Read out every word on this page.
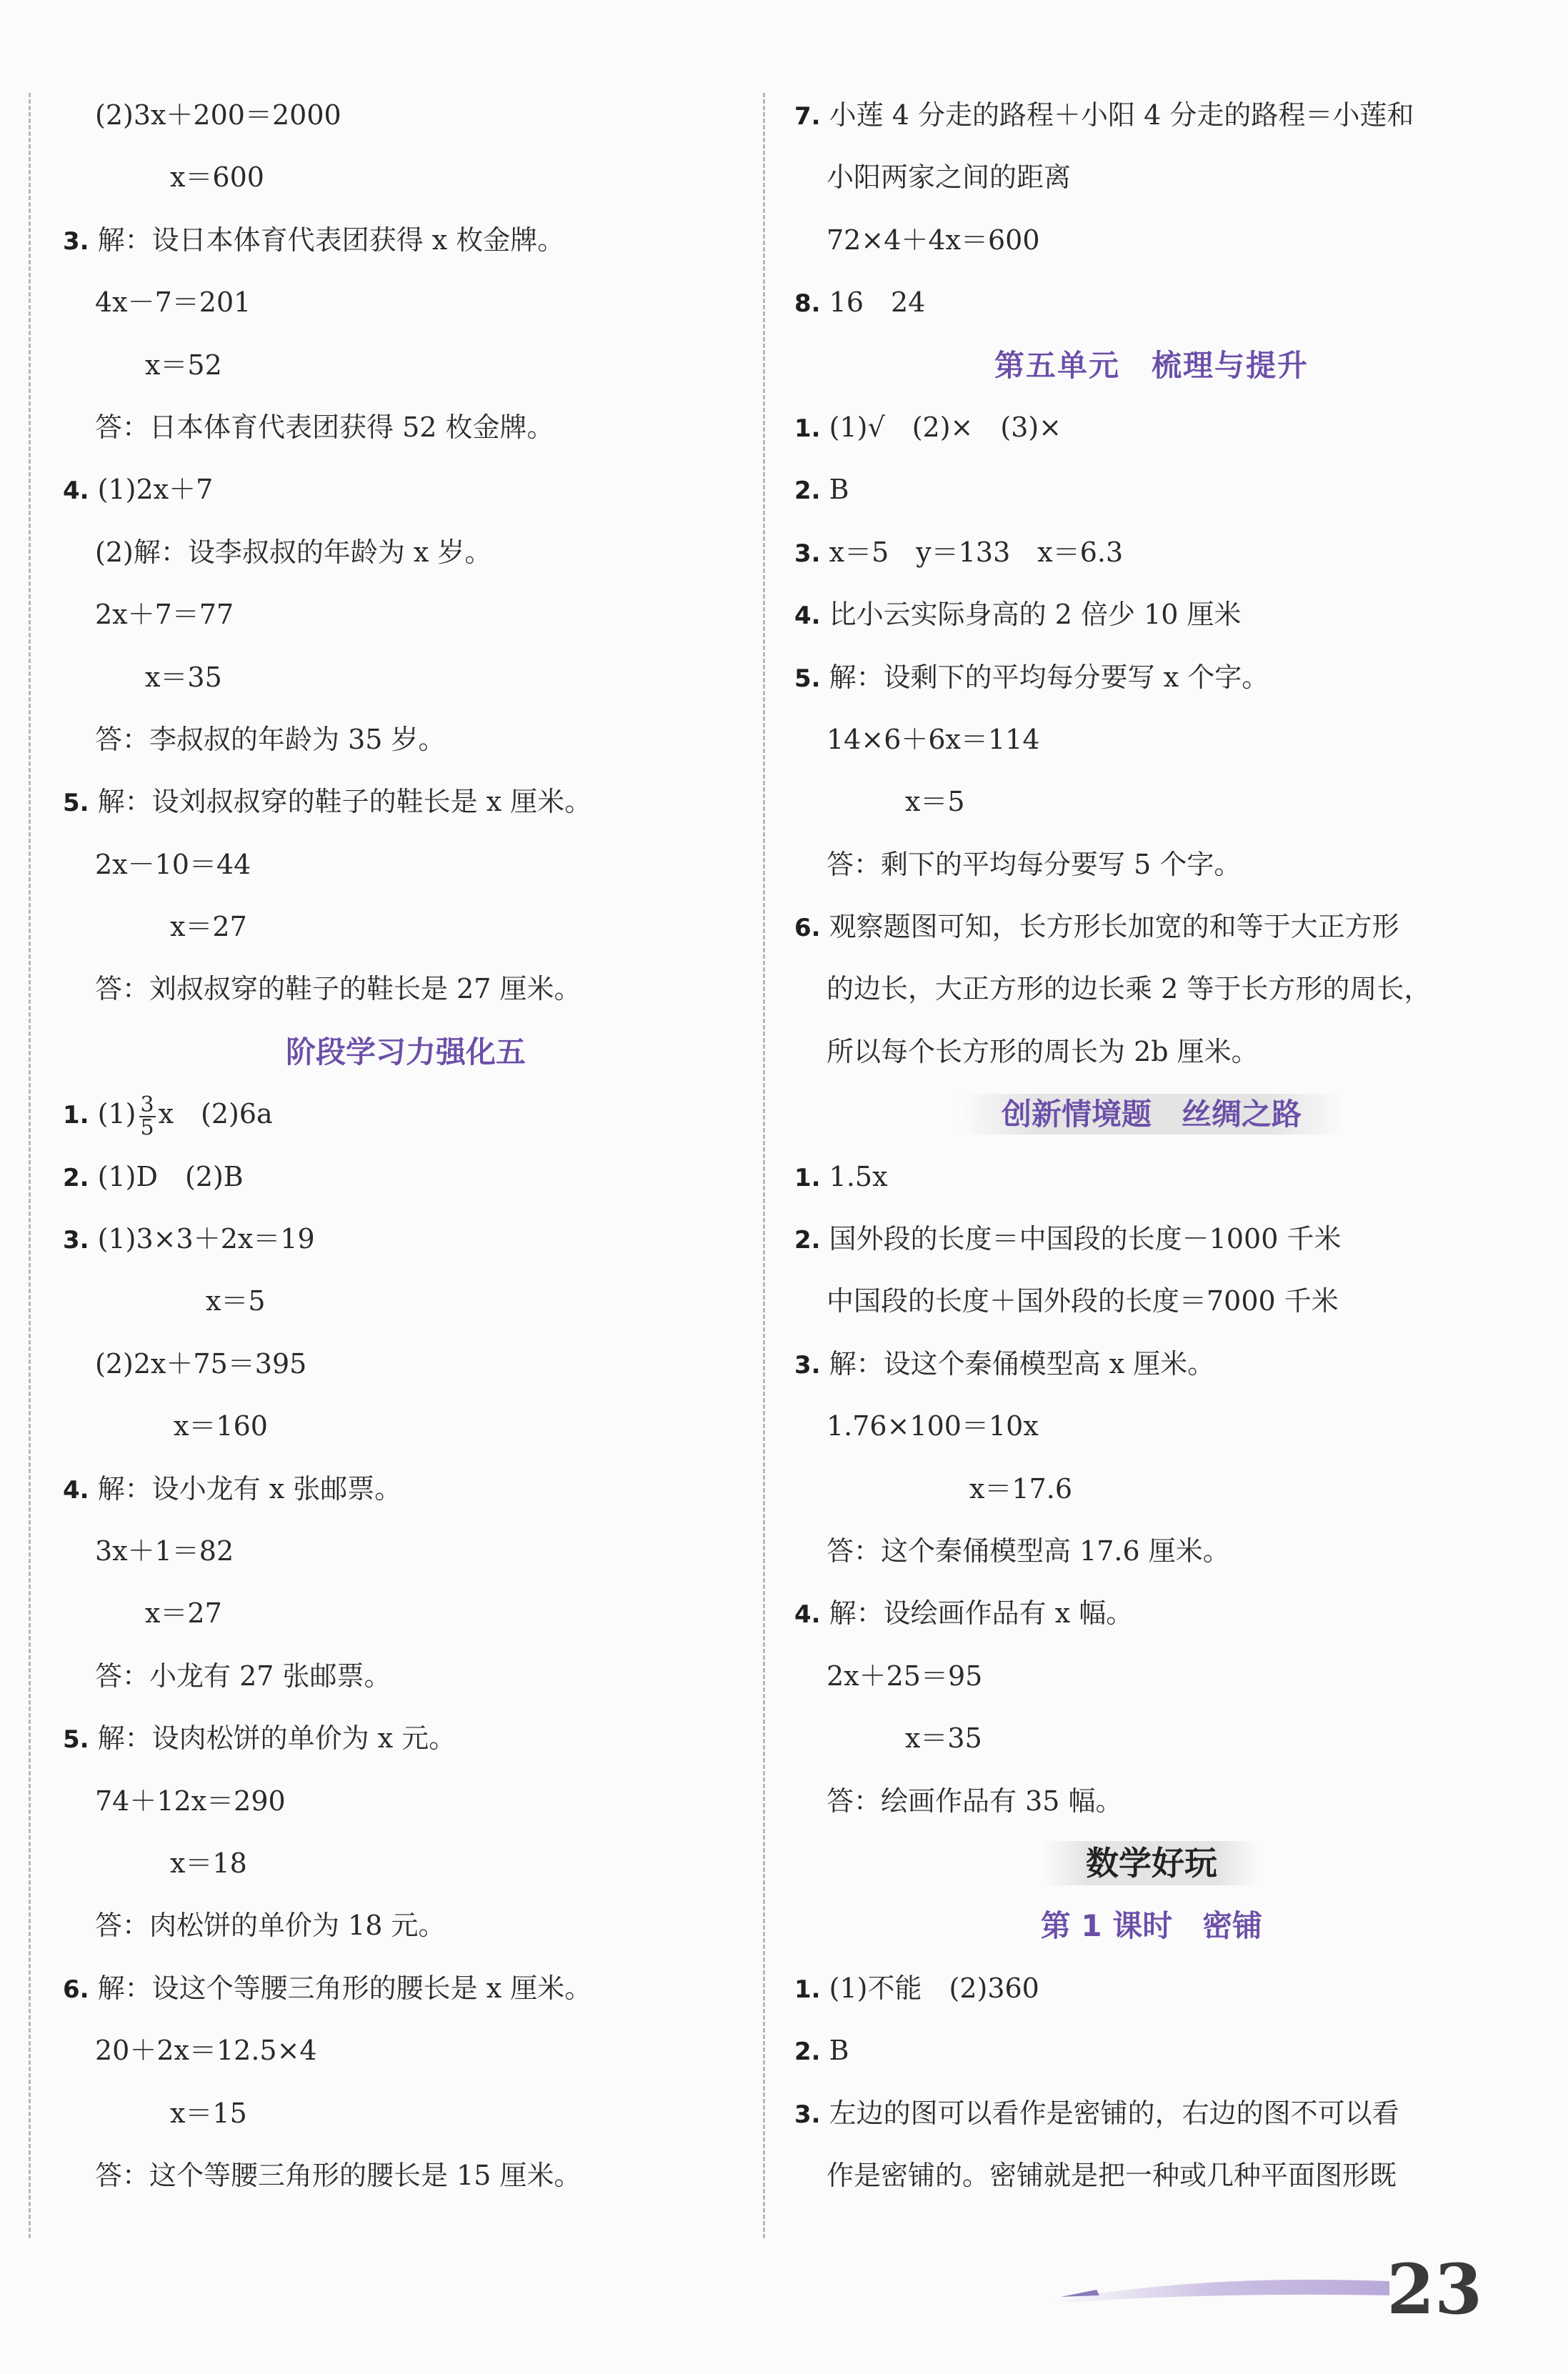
(2)3x＋200＝2000
x＝600
3. 解：设日本体育代表团获得 x 枚金牌。
4x－7＝201
x＝52
答：日本体育代表团获得 52 枚金牌。
4. (1)2x＋7
(2)解：设李叔叔的年龄为 x 岁。
2x＋7＝77
x＝35
答：李叔叔的年龄为 35 岁。
5. 解：设刘叔叔穿的鞋子的鞋长是 x 厘米。
2x－10＝44
x＝27
答：刘叔叔穿的鞋子的鞋长是 27 厘米。
阶段学习力强化五
1. $(1) \frac{3}{5}$ x　(2)6a
2. (1)D　(2)B
3. (1)3×3＋2x＝19
x＝5
(2)2x＋75＝395
x＝160
4. 解：设小龙有 x 张邮票。
3x＋1＝82
x＝27
答：小龙有 27 张邮票。
5. 解：设肉松饼的单价为 x 元。
74＋12x＝290
x＝18
答：肉松饼的单价为 18 元。
6. 解：设这个等腰三角形的腰长是 x 厘米。
20＋2x＝12.5×4
x＝15
答：这个等腰三角形的腰长是 15 厘米。
7. 小莲 4 分走的路程＋小阳 4 分走的路程＝小莲和
小阳两家之间的距离
72×4＋4x＝600
8. 16　24
第五单元　梳理与提升
1. (1)√　(2)×　(3)×
2. B
3. x＝5　y＝133　x＝6.3
4. 比小云实际身高的 2 倍少 10 厘米
5. 解：设剩下的平均每分要写 x 个字。
14×6＋6x＝114
x＝5
答：剩下的平均每分要写 5 个字。
6. 观察题图可知，长方形长加宽的和等于大正方形
的边长，大正方形的边长乘 2 等于长方形的周长，
所以每个长方形的周长为 2b 厘米。
创新情境题　丝绸之路
1. 1.5x
2. 国外段的长度＝中国段的长度－1000 千米
中国段的长度＋国外段的长度＝7000 千米
3. 解：设这个秦俑模型高 x 厘米。
1.76×100＝10x
x＝17.6
答：这个秦俑模型高 17.6 厘米。
4. 解：设绘画作品有 x 幅。
2x＋25＝95
x＝35
答：绘画作品有 35 幅。
数学好玩
第 1 课时　密铺
1. (1)不能　(2)360
2. B
3. 左边的图可以看作是密铺的，右边的图不可以看
作是密铺的。密铺就是把一种或几种平面图形既
23
